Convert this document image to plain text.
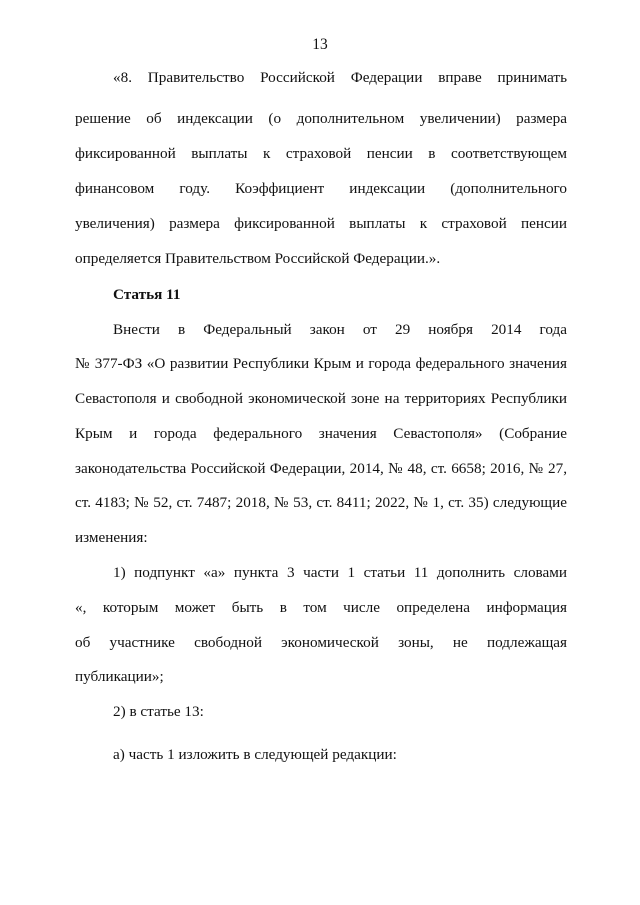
13
«8. Правительство Российской Федерации вправе принимать
решение об индексации (о дополнительном увеличении) размера
фиксированной выплаты к страховой пенсии в соответствующем
финансовом году. Коэффициент индексации (дополнительного
увеличения) размера фиксированной выплаты к страховой пенсии
определяется Правительством Российской Федерации.».
Статья 11
Внести в Федеральный закон от 29 ноября 2014 года
№ 377-ФЗ «О развитии Республики Крым и города федерального значения
Севастополя и свободной экономической зоне на территориях Республики
Крым и города федерального значения Севастополя» (Собрание
законодательства Российской Федерации, 2014, № 48, ст. 6658; 2016, № 27,
ст. 4183; № 52, ст. 7487; 2018, № 53, ст. 8411; 2022, № 1, ст. 35) следующие
изменения:
1) подпункт «а» пункта 3 части 1 статьи 11 дополнить словами
«, которым может быть в том числе определена информация
об участнике свободной экономической зоны, не подлежащая
публикации»;
2) в статье 13:
а) часть 1 изложить в следующей редакции:
